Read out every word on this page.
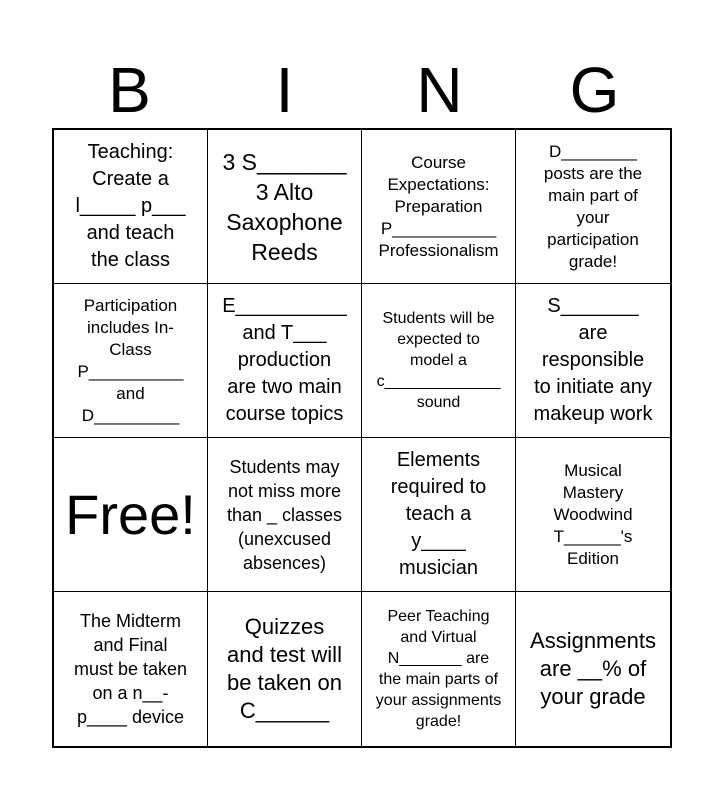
B	I	N	G
Teaching:
Create a
l_____ p___
and teach
the class
3 S_______
3 Alto
Saxophone
Reeds
Course
Expectations:
Preparation
P___________
Professionalism
D________
posts are the
main part of
your
participation
grade!
Participation
includes In-
Class
P__________
and
D_________
E__________
and T___
production
are two main
course topics
Students will be
expected to
model a
c_____________
sound
S_______
are
responsible
to initiate any
makeup work
Free!
Students may
not miss more
than _ classes
(unexcused
absences)
Elements
required to
teach a
y____
musician
Musical
Mastery
Woodwind
T______'s
Edition
The Midterm
and Final
must be taken
on a n__-
p____ device
Quizzes
and test will
be taken on
C______
Peer Teaching
and Virtual
N_______ are
the main parts of
your assignments
grade!
Assignments
are __% of
your grade
